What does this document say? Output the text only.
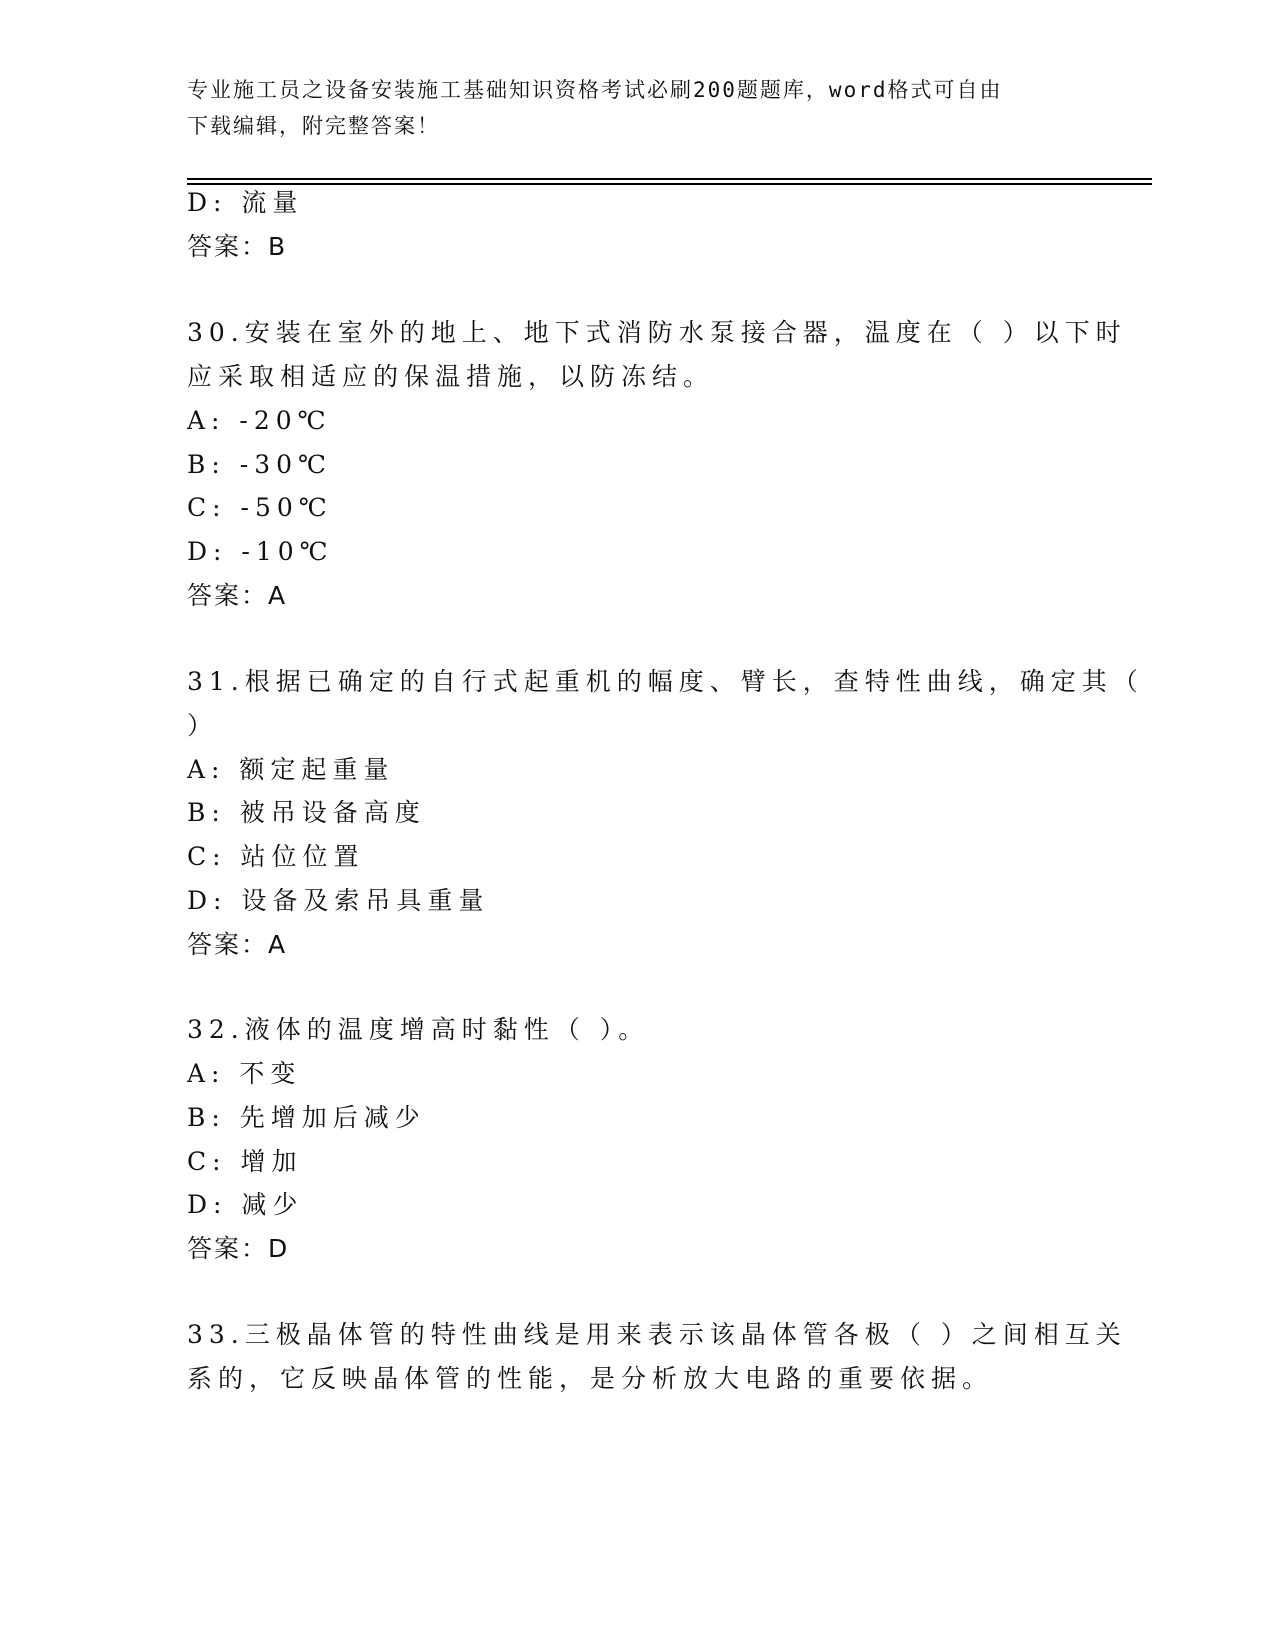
专业施工员之设备安装施工基础知识资格考试必刷200题题库，word格式可自由
下载编辑，附完整答案！
D: 流量
答案：B
30.安装在室外的地上、地下式消防水泵接合器，温度在（ ）以下时
应采取相适应的保温措施，以防冻结。
A: -20℃
B: -30℃
C: -50℃
D: -10℃
答案：A
31.根据已确定的自行式起重机的幅度、臂长，查特性曲线，确定其（
）
A: 额定起重量
B: 被吊设备高度
C: 站位位置
D: 设备及索吊具重量
答案：A
32.液体的温度增高时黏性（ ）。
A: 不变
B: 先增加后减少
C: 增加
D: 减少
答案：D
33.三极晶体管的特性曲线是用来表示该晶体管各极（ ）之间相互关
系的，它反映晶体管的性能，是分析放大电路的重要依据。
